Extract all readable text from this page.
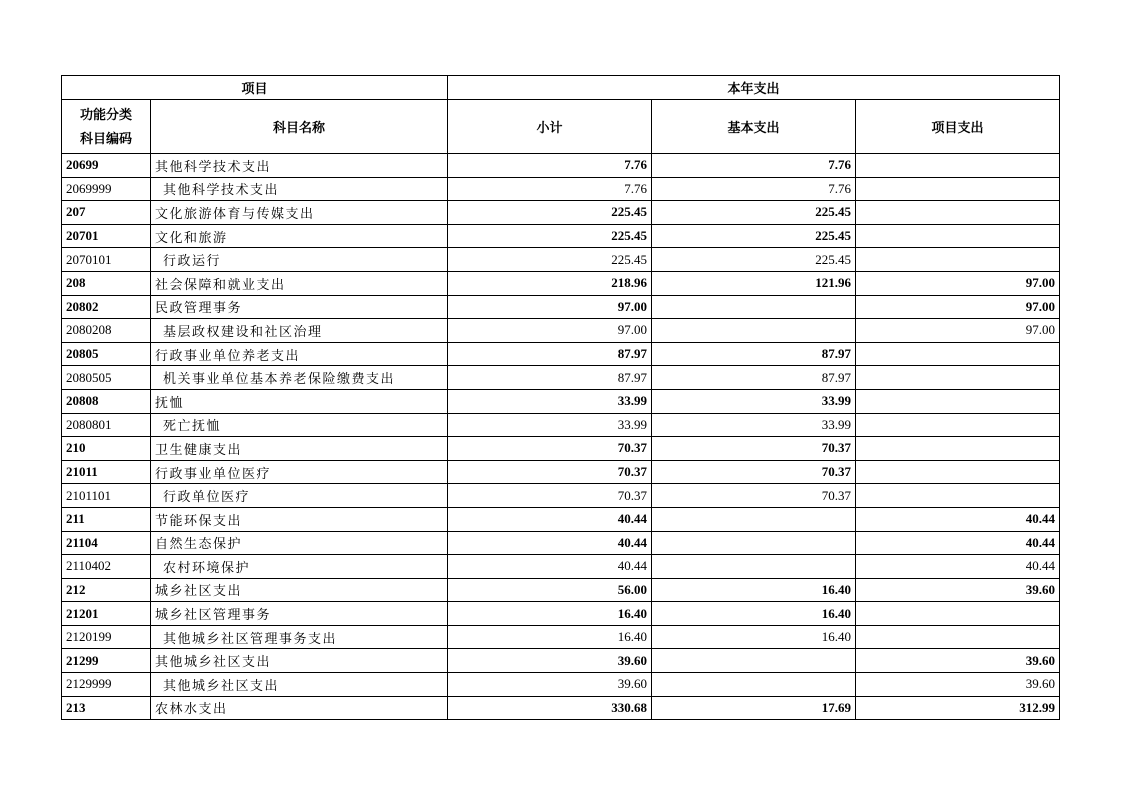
项目		本年支出		

功能分类
科目编码	科目名称	小计	基本支出	项目支出
20699	其他科学技术支出	7.76	7.76	
2069999	其他科学技术支出	7.76	7.76	
207	文化旅游体育与传媒支出	225.45	225.45	
20701	文化和旅游	225.45	225.45	
2070101	行政运行	225.45	225.45	
208	社会保障和就业支出	218.96	121.96	97.00
20802	民政管理事务	97.00		97.00
2080208	基层政权建设和社区治理	97.00		97.00
20805	行政事业单位养老支出	87.97	87.97	
2080505	机关事业单位基本养老保险缴费支出	87.97	87.97	
20808	抚恤	33.99	33.99	
2080801	死亡抚恤	33.99	33.99	
210	卫生健康支出	70.37	70.37	
21011	行政事业单位医疗	70.37	70.37	
2101101	行政单位医疗	70.37	70.37	
211	节能环保支出	40.44		40.44
21104	自然生态保护	40.44		40.44
2110402	农村环境保护	40.44		40.44
212	城乡社区支出	56.00	16.40	39.60
21201	城乡社区管理事务	16.40	16.40	
2120199	其他城乡社区管理事务支出	16.40	16.40	
21299	其他城乡社区支出	39.60		39.60
2129999	其他城乡社区支出	39.60		39.60
213	农林水支出	330.68	17.69	312.99
